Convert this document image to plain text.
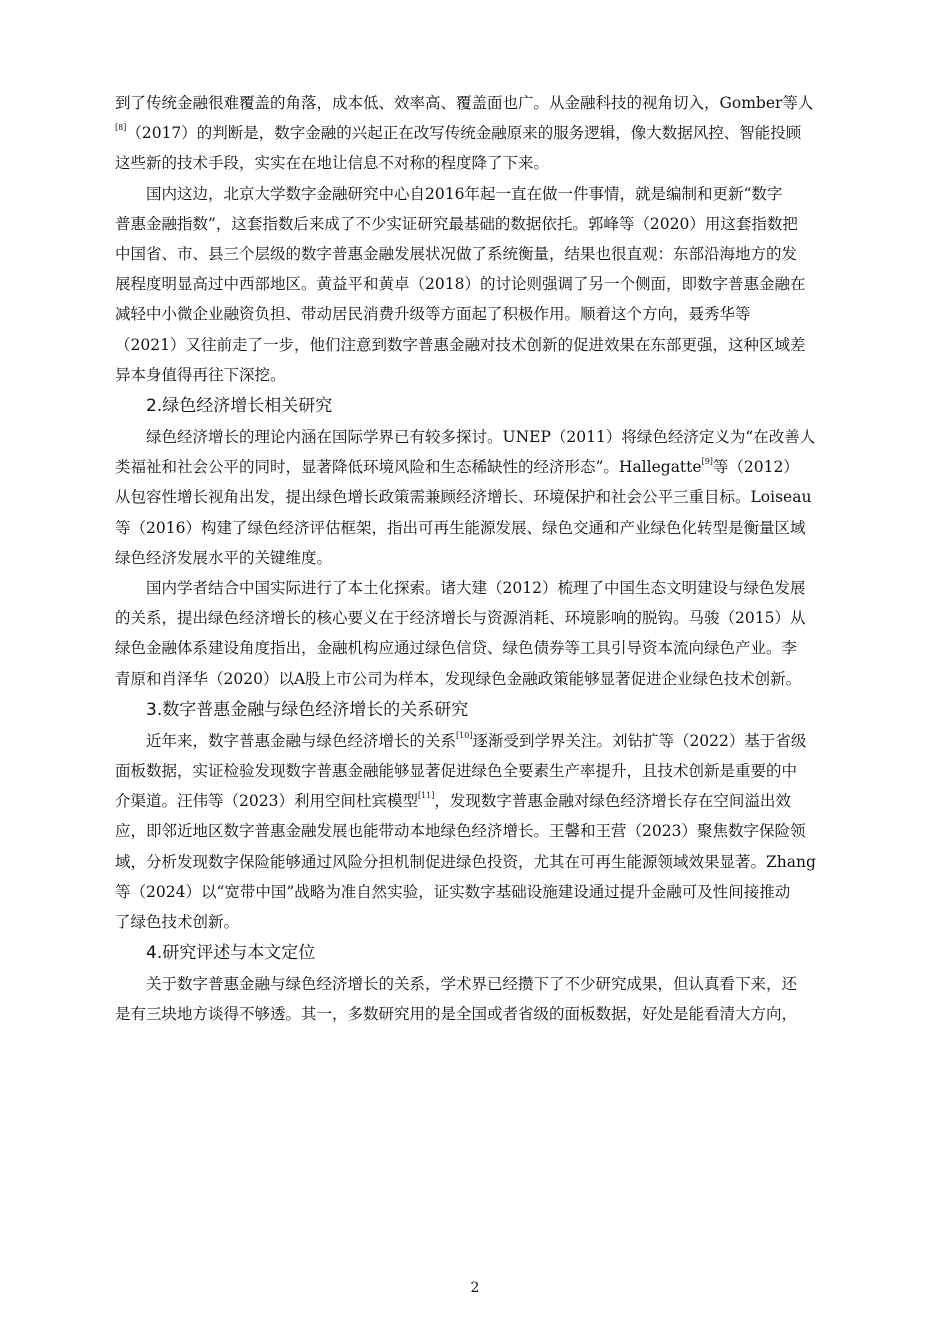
到了传统金融很难覆盖的角落，成本低、效率高、覆盖面也广。从金融科技的视角切入，Gomber等人
[8]（2017）的判断是，数字金融的兴起正在改写传统金融原来的服务逻辑，像大数据风控、智能投顾
这些新的技术手段，实实在在地让信息不对称的程度降了下来。

国内这边，北京大学数字金融研究中心自2016年起一直在做一件事情，就是编制和更新“数字
普惠金融指数”，这套指数后来成了不少实证研究最基础的数据依托。郭峰等（2020）用这套指数把
中国省、市、县三个层级的数字普惠金融发展状况做了系统衡量，结果也很直观：东部沿海地方的发
展程度明显高过中西部地区。黄益平和黄卓（2018）的讨论则强调了另一个侧面，即数字普惠金融在
减轻中小微企业融资负担、带动居民消费升级等方面起了积极作用。顺着这个方向，聂秀华等
（2021）又往前走了一步，他们注意到数字普惠金融对技术创新的促进效果在东部更强，这种区域差
异本身值得再往下深挖。

2.绿色经济增长相关研究

绿色经济增长的理论内涵在国际学界已有较多探讨。UNEP（2011）将绿色经济定义为“在改善人
类福祉和社会公平的同时，显著降低环境风险和生态稀缺性的经济形态”。Hallegatte[9]等（2012）
从包容性增长视角出发，提出绿色增长政策需兼顾经济增长、环境保护和社会公平三重目标。Loiseau
等（2016）构建了绿色经济评估框架，指出可再生能源发展、绿色交通和产业绿色化转型是衡量区域
绿色经济发展水平的关键维度。

国内学者结合中国实际进行了本土化探索。诸大建（2012）梳理了中国生态文明建设与绿色发展
的关系，提出绿色经济增长的核心要义在于经济增长与资源消耗、环境影响的脱钩。马骏（2015）从
绿色金融体系建设角度指出，金融机构应通过绿色信贷、绿色债券等工具引导资本流向绿色产业。李
青原和肖泽华（2020）以A股上市公司为样本，发现绿色金融政策能够显著促进企业绿色技术创新。

3.数字普惠金融与绿色经济增长的关系研究

近年来，数字普惠金融与绿色经济增长的关系[10]逐渐受到学界关注。刘钻扩等（2022）基于省级
面板数据，实证检验发现数字普惠金融能够显著促进绿色全要素生产率提升，且技术创新是重要的中
介渠道。汪伟等（2023）利用空间杜宾模型[11]，发现数字普惠金融对绿色经济增长存在空间溢出效
应，即邻近地区数字普惠金融发展也能带动本地绿色经济增长。王馨和王营（2023）聚焦数字保险领
域，分析发现数字保险能够通过风险分担机制促进绿色投资，尤其在可再生能源领域效果显著。Zhang
等（2024）以“宽带中国”战略为准自然实验，证实数字基础设施建设通过提升金融可及性间接推动
了绿色技术创新。

4.研究评述与本文定位

关于数字普惠金融与绿色经济增长的关系，学术界已经攒下了不少研究成果，但认真看下来，还
是有三块地方谈得不够透。其一，多数研究用的是全国或者省级的面板数据，好处是能看清大方向，

2
